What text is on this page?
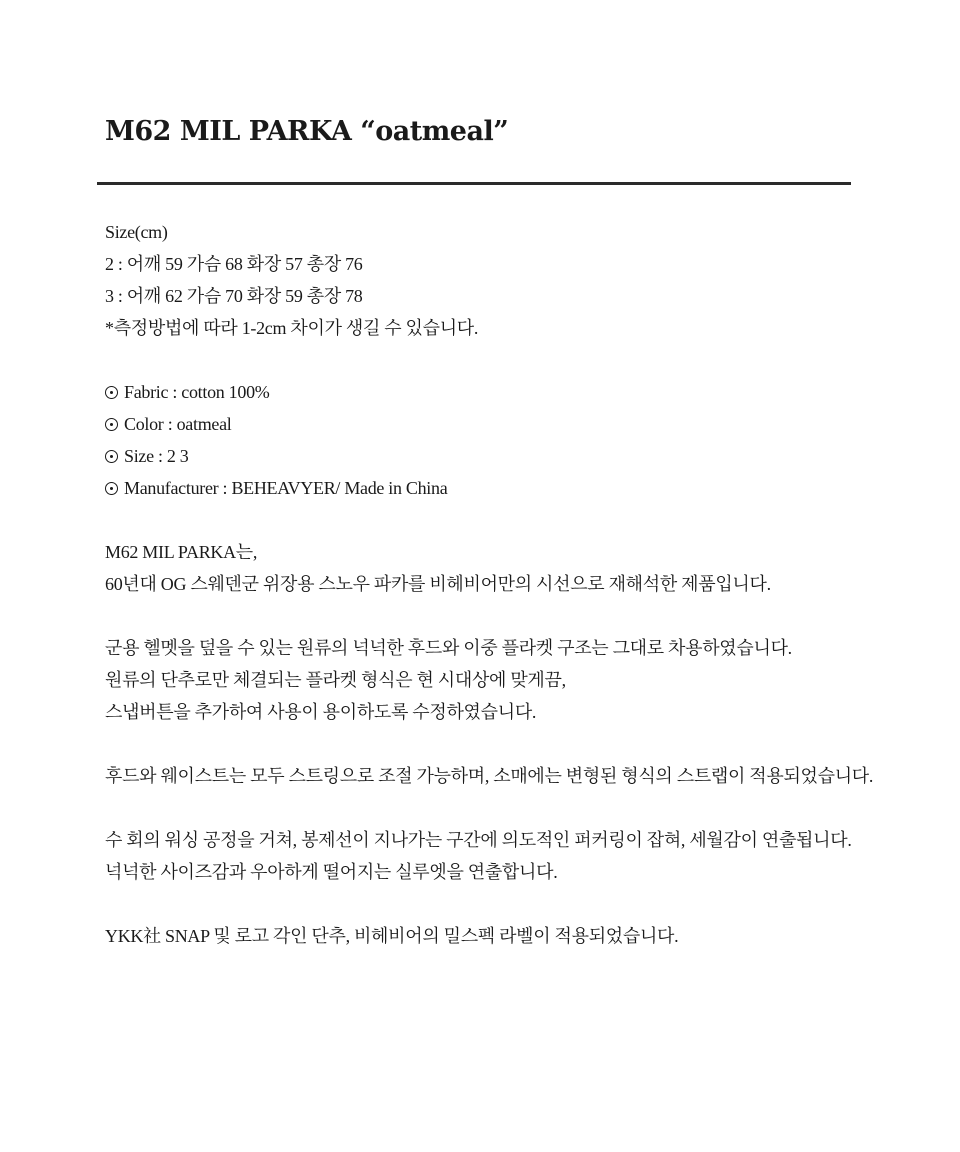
M62 MIL PARKA “oatmeal”
Size(cm)
2 : 어깨 59 가슴 68 화장 57 총장 76
3 : 어깨 62 가슴 70 화장 59 총장 78
*측정방법에 따라 1-2cm 차이가 생길 수 있습니다.
Fabric : cotton 100%
Color : oatmeal
Size : 2 3
Manufacturer : BEHEAVYER/ Made in China
M62 MIL PARKA는,
60년대 OG 스웨덴군 위장용 스노우 파카를 비헤비어만의 시선으로 재해석한 제품입니다.
군용 헬멧을 덮을 수 있는 원류의 넉넉한 후드와 이중 플라켓 구조는 그대로 차용하였습니다.
원류의 단추로만 체결되는 플라켓 형식은 현 시대상에 맞게끔,
스냅버튼을 추가하여 사용이 용이하도록 수정하였습니다.
후드와 웨이스트는 모두 스트링으로 조절 가능하며, 소매에는 변형된 형식의 스트랩이 적용되었습니다.
수 회의 워싱 공정을 거쳐, 봉제선이 지나가는 구간에 의도적인 퍼커링이 잡혀, 세월감이 연출됩니다.
넉넉한 사이즈감과 우아하게 떨어지는 실루엣을 연출합니다.
YKK社 SNAP 및 로고 각인 단추, 비헤비어의 밀스펙 라벨이 적용되었습니다.
